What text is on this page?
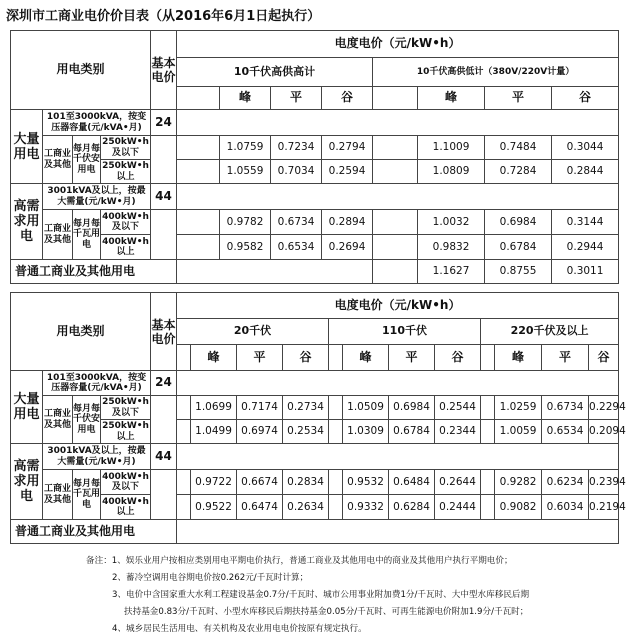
深圳市工商业电价价目表（从2016年6月1日起执行）
用电类别				基本电价	电度电价（元/kW•h）							
					10千伏高供高计				10千伏高供低计（380V/220V计量）			
						峰	平	谷		峰	平	谷
大量用电	101至3000kVA，按变压器容量(元/kVA•月)			24								
	工商业及其他	每月每千伏安用电	250kW•h及以下			1.0759	0.7234	0.2794		1.1009	0.7484	0.3044
			250kW•h以上			1.0559	0.7034	0.2594		1.0809	0.7284	0.2844
高需求用电	3001kVA及以上，按最大需量(元/kW•月)			44								
	工商业及其他	每月每千瓦用电	400kW•h及以下			0.9782	0.6734	0.2894		1.0032	0.6984	0.3144
			400kW•h以上			0.9582	0.6534	0.2694		0.9832	0.6784	0.2944
普通工商业及其他用电										1.1627	0.8755	0.3011
用电类别				基本电价	电度电价（元/kW•h）											
					20千伏				110千伏				220千伏及以上			
						峰	平	谷		峰	平	谷		峰	平	谷
大量用电	101至3000kVA，按变压器容量(元/kVA•月)			24												
	工商业及其他	每月每千伏安用电	250kW•h及以下			1.0699	0.7174	0.2734		1.0509	0.6984	0.2544		1.0259	0.6734	0.2294
			250kW•h以上			1.0499	0.6974	0.2534		1.0309	0.6784	0.2344		1.0059	0.6534	0.2094
高需求用电	3001kVA及以上，按最大需量(元/kW•月)			44												
	工商业及其他	每月每千瓦用电	400kW•h及以下			0.9722	0.6674	0.2834		0.9532	0.6484	0.2644		0.9282	0.6234	0.2394
			400kW•h以上			0.9522	0.6474	0.2634		0.9332	0.6284	0.2444		0.9082	0.6034	0.2194
普通工商业及其他用电																
备注：1、娱乐业用户按相应类别用电平期电价执行，普通工商业及其他用电中的商业及其他用户执行平期电价；
2、蓄冷空调用电谷期电价按0.262元/千瓦时计算；
3、电价中含国家重大水利工程建设基金0.7分/千瓦时、城市公用事业附加费1分/千瓦时、大中型水库移民后期
扶持基金0.83分/千瓦时、小型水库移民后期扶持基金0.05分/千瓦时、可再生能源电价附加1.9分/千瓦时；
4、城乡居民生活用电、有关机构及农业用电电价按原有规定执行。
